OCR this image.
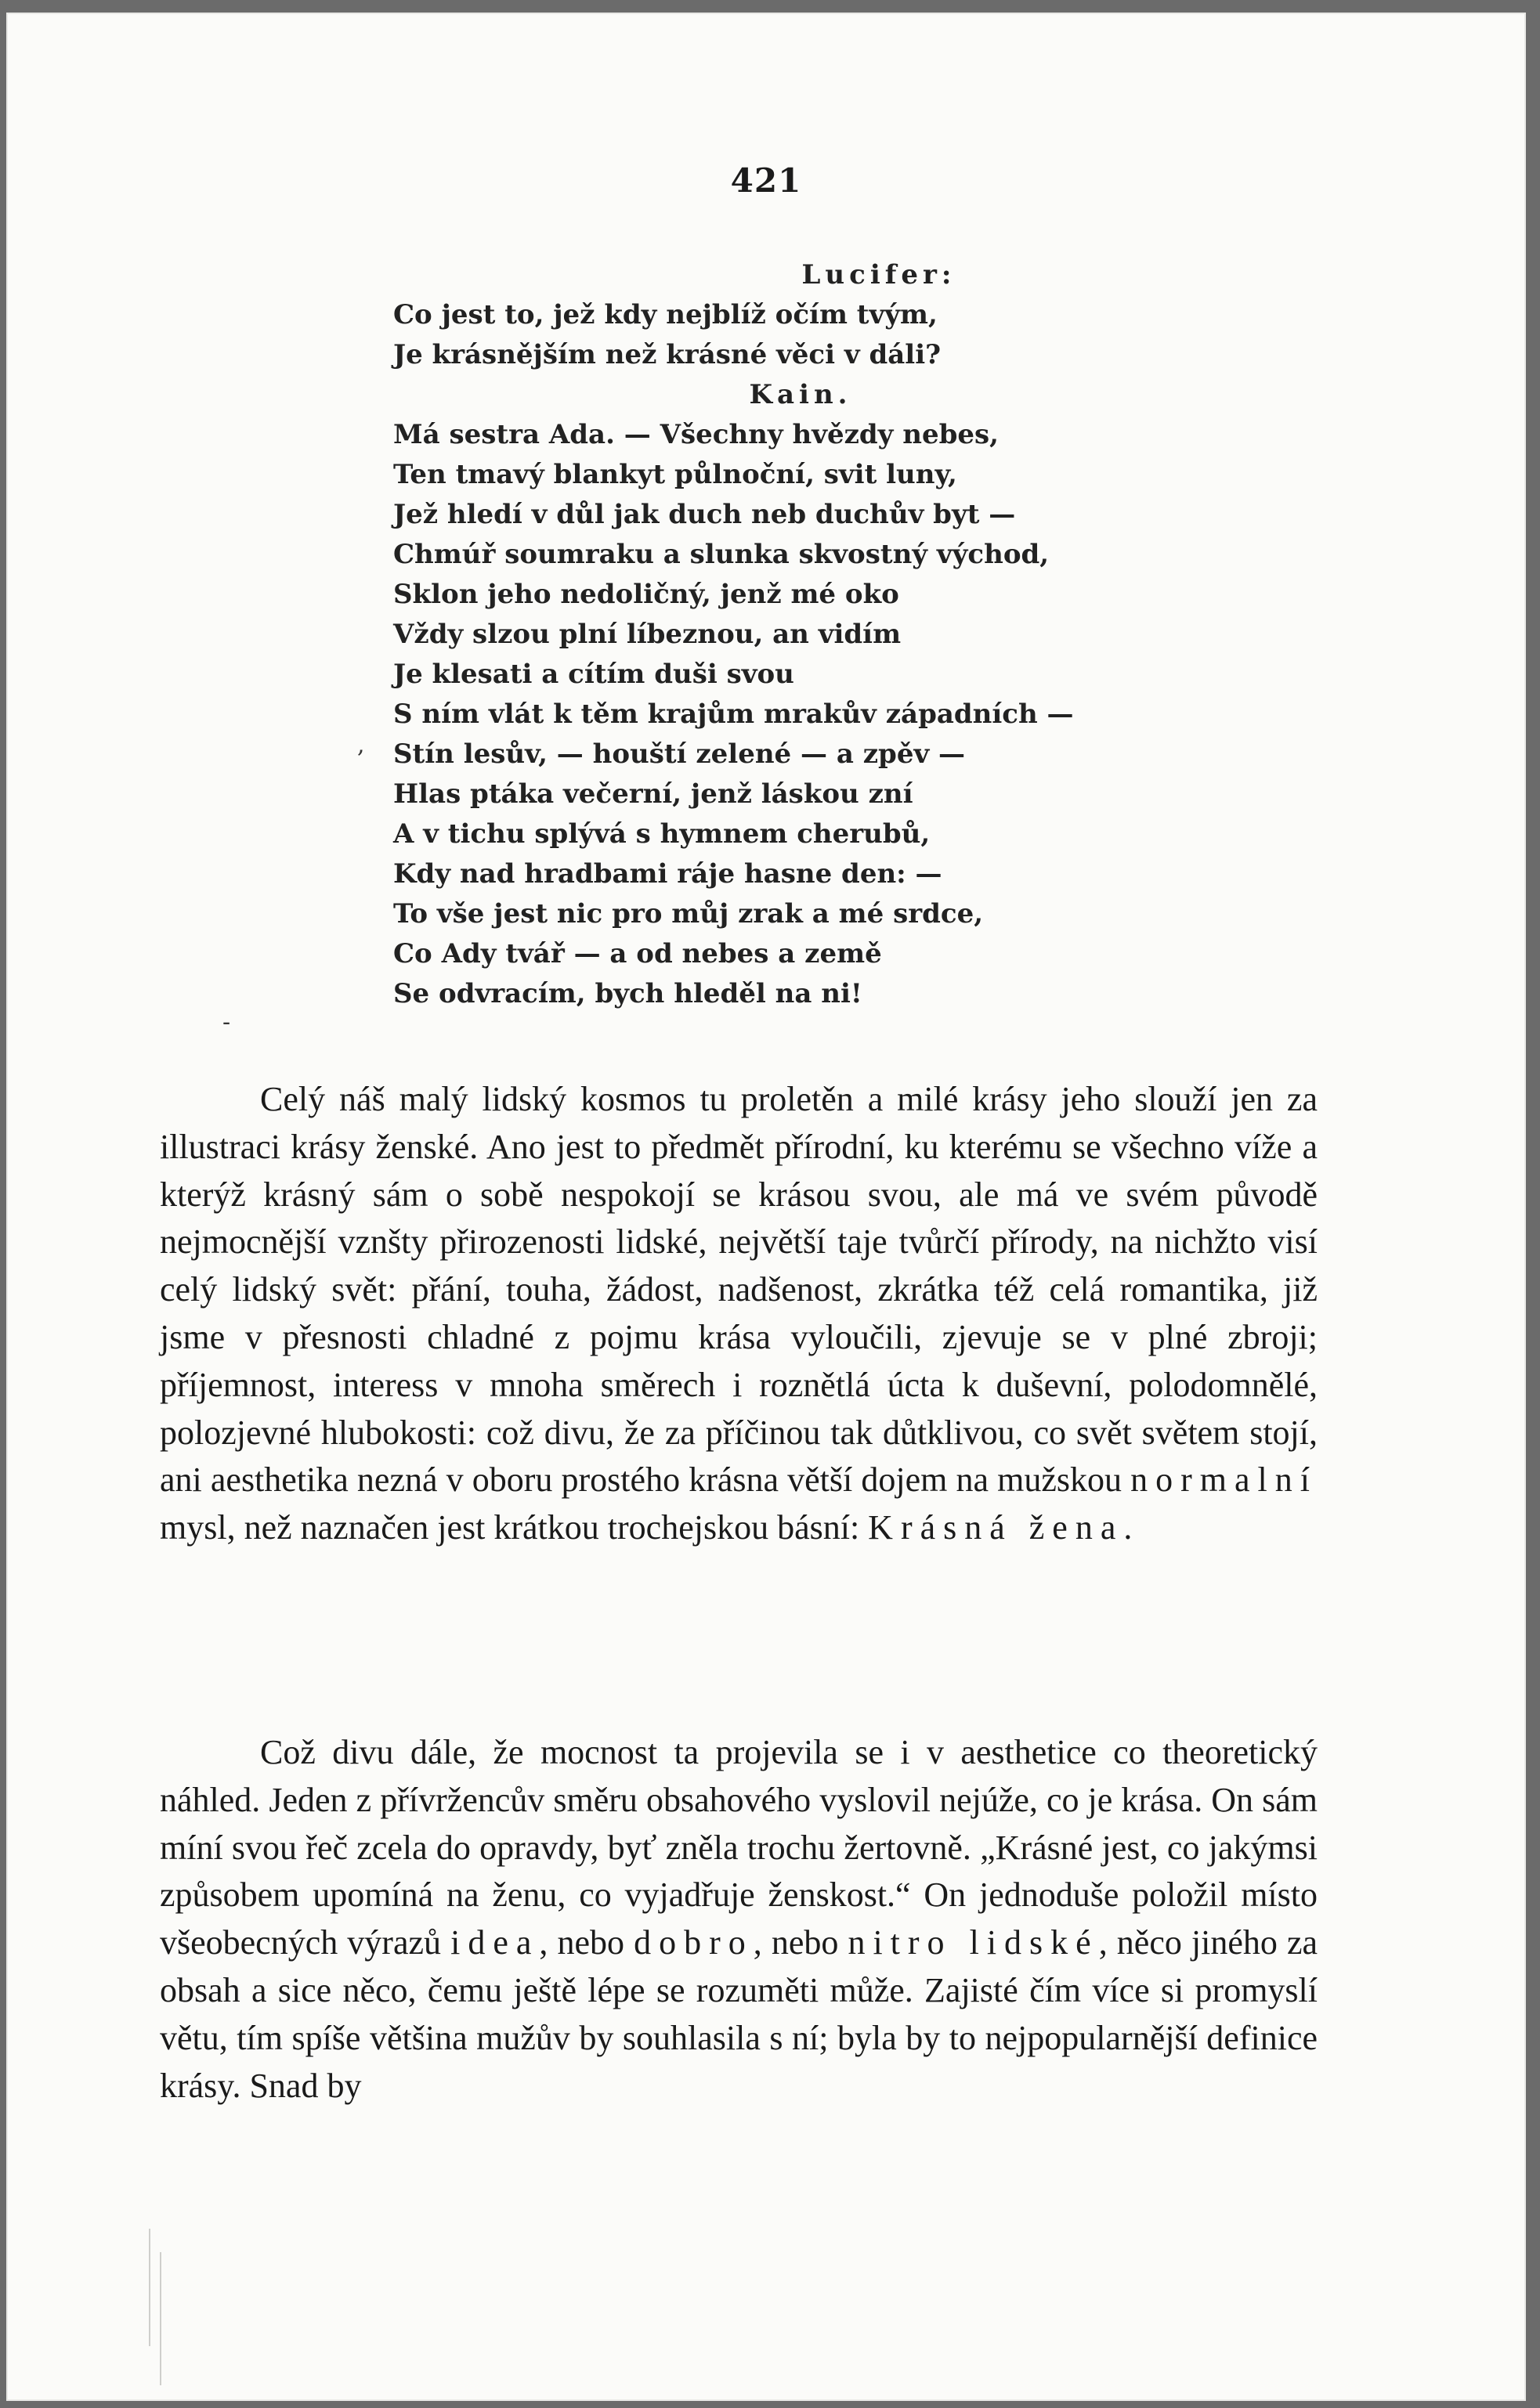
421
Lucifer:
Co jest to, jež kdy nejblíž očím tvým,
Je krásnějším než krásné věci v dáli?
Kain.
Má sestra Ada. — Všechny hvězdy nebes,
Ten tmavý blankyt půlnoční, svit luny,
Jež hledí v důl jak duch neb duchův byt —
Chmúř soumraku a slunka skvostný východ,
Sklon jeho nedoličný, jenž mé oko
Vždy slzou plní líbeznou, an vidím
Je klesati a cítím duši svou
S ním vlát k těm krajům mrakův západních —
Stín lesův, — houští zelené — a zpěv —
Hlas ptáka večerní, jenž láskou zní
A v tichu splývá s hymnem cherubů,
Kdy nad hradbami ráje hasne den: —
To vše jest nic pro můj zrak a mé srdce,
Co Ady tvář — a od nebes a země
Se odvracím, bych hleděl na ni!
,
-
Celý náš malý lidský kosmos tu proletěn a milé krásy jeho slouží jen za illustraci krásy ženské. Ano jest to předmět přírodní, ku kterému se všechno víže a kterýž krásný sám o sobě nespokojí se krásou svou, ale má ve svém původě nejmocnější vznšty přirozenosti lidské, největší taje tvůrčí přírody, na nichžto visí celý lidský svět: přání, touha, žádost, nadšenost, zkrátka též celá romantika, již jsme v přesnosti chladné z pojmu krása vyloučili, zjevuje se v plné zbroji; příjemnost, interess v mnoha směrech i roznětlá úcta k duševní, polodomnělé, polozjevné hlubokosti: což divu, že za příčinou tak důtklivou, co svět světem stojí, ani aesthetika nezná v oboru prostého krásna větší dojem na mužskou normalní mysl, než naznačen jest krátkou trochejskou básní: Krásná žena.
Což divu dále, že mocnost ta projevila se i v aesthetice co theoretický náhled. Jeden z přívržencův směru obsahového vyslovil nejúže, co je krása. On sám míní svou řeč zcela do opravdy, byť zněla trochu žertovně. „Krásné jest, co jakýmsi způsobem upomíná na ženu, co vyjadřuje ženskost.“ On jednoduše položil místo všeobecných výrazů idea, nebo dobro, nebo nitro lidské, něco jiného za obsah a sice něco, čemu ještě lépe se rozuměti může. Zajisté čím více si promyslí větu, tím spíše většina mužův by souhlasila s ní; byla by to nejpopularnější definice krásy. Snad by
